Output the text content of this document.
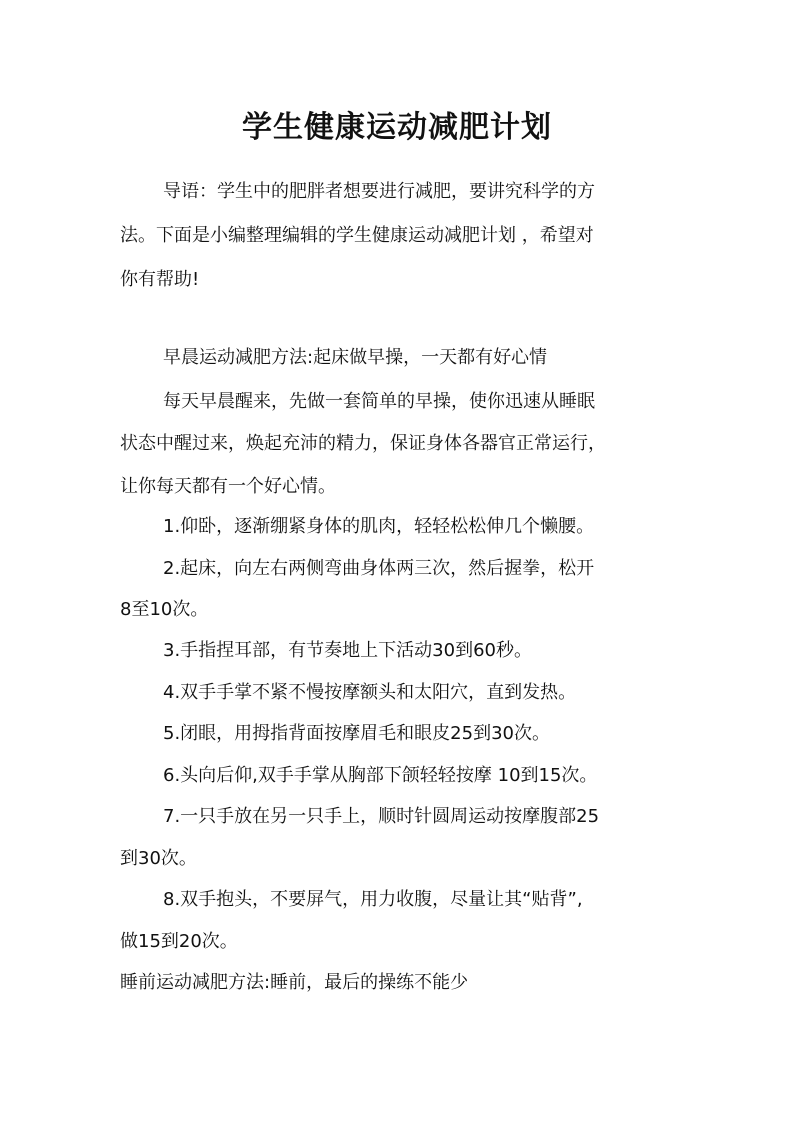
学生健康运动减肥计划

导语：学生中的肥胖者想要进行减肥，要讲究科学的方

法。下面是小编整理编辑的学生健康运动减肥计划 ，希望对

你有帮助!

早晨运动减肥方法:起床做早操，一天都有好心情

每天早晨醒来，先做一套简单的早操，使你迅速从睡眠

状态中醒过来，焕起充沛的精力，保证身体各器官正常运行，

让你每天都有一个好心情。

1.仰卧，逐渐绷紧身体的肌肉，轻轻松松伸几个懒腰。

2.起床，向左右两侧弯曲身体两三次，然后握拳，松开

8至10次。

3.手指捏耳部，有节奏地上下活动30到60秒。

4.双手手掌不紧不慢按摩额头和太阳穴，直到发热。

5.闭眼，用拇指背面按摩眉毛和眼皮25到30次。

6.头向后仰,双手手掌从胸部下颌轻轻按摩 10到15次。

7.一只手放在另一只手上，顺时针圆周运动按摩腹部25

到30次。

8.双手抱头，不要屏气，用力收腹，尽量让其“贴背”,

做15到20次。

睡前运动减肥方法:睡前，最后的操练不能少
